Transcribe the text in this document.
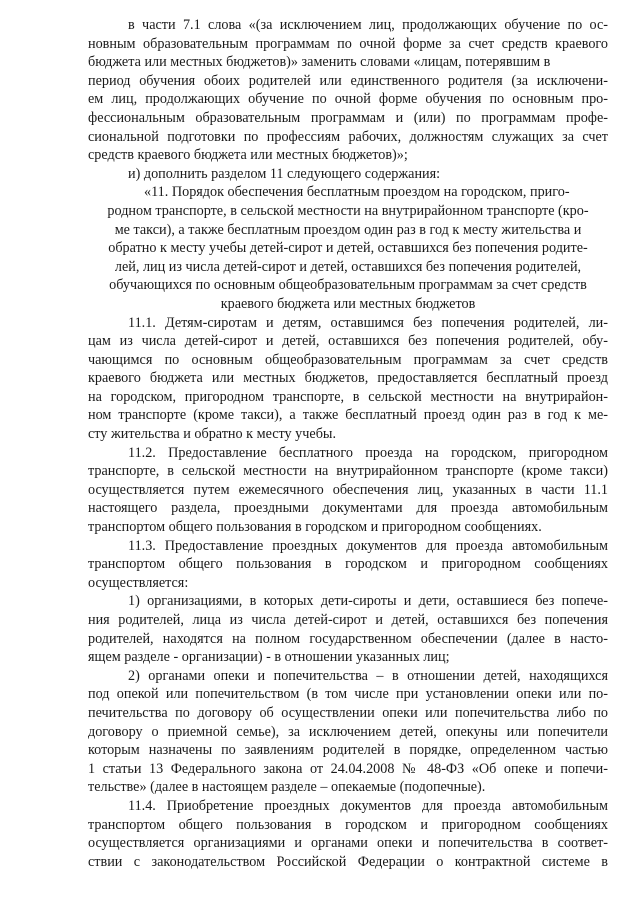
в части 7.1 слова «(за исключением лиц, продолжающих обучение по ос-
новным образовательным программам по очной форме за счет средств краевого
бюджета или местных бюджетов)» заменить словами «лицам, потерявшим в
период обучения обоих родителей или единственного родителя (за исключени-
ем лиц, продолжающих обучение по очной форме обучения по основным про-
фессиональным образовательным программам и (или) по программам профе-
сиональной подготовки по профессиям рабочих, должностям служащих за счет
средств краевого бюджета или местных бюджетов)»;
и) дополнить разделом 11 следующего содержания:
«11. Порядок обеспечения бесплатным проездом на городском, приго-
родном транспорте, в сельской местности на внутрирайонном транспорте (кро-
ме такси), а также бесплатным проездом один раз в год к месту жительства и
обратно к месту учебы детей-сирот и детей, оставшихся без попечения родите-
лей, лиц из числа детей-сирот и детей, оставшихся без попечения родителей,
обучающихся по основным общеобразовательным программам за счет средств
краевого бюджета или местных бюджетов
11.1. Детям-сиротам и детям, оставшимся без попечения родителей, ли-
цам из числа детей-сирот и детей, оставшихся без попечения родителей, обу-
чающимся по основным общеобразовательным программам за счет средств
краевого бюджета или местных бюджетов, предоставляется бесплатный проезд
на городском, пригородном транспорте, в сельской местности на внутрирайон-
ном транспорте (кроме такси), а также бесплатный проезд один раз в год к ме-
сту жительства и обратно к месту учебы.
11.2. Предоставление бесплатного проезда на городском, пригородном
транспорте, в сельской местности на внутрирайонном транспорте (кроме такси)
осуществляется путем ежемесячного обеспечения лиц, указанных в части 11.1
настоящего раздела, проездными документами для проезда автомобильным
транспортом общего пользования в городском и пригородном сообщениях.
11.3. Предоставление проездных документов для проезда автомобильным
транспортом общего пользования в городском и пригородном сообщениях
осуществляется:
1) организациями, в которых дети-сироты и дети, оставшиеся без попече-
ния родителей, лица из числа детей-сирот и детей, оставшихся без попечения
родителей, находятся на полном государственном обеспечении (далее в насто-
ящем разделе - организации) - в отношении указанных лиц;
2) органами опеки и попечительства – в отношении детей, находящихся
под опекой или попечительством (в том числе при установлении опеки или по-
печительства по договору об осуществлении опеки или попечительства либо по
договору о приемной семье), за исключением детей, опекуны или попечители
которым назначены по заявлениям родителей в порядке, определенном частью
1 статьи 13 Федерального закона от 24.04.2008 № 48-ФЗ «Об опеке и попечи-
тельстве» (далее в настоящем разделе – опекаемые (подопечные).
11.4. Приобретение проездных документов для проезда автомобильным
транспортом общего пользования в городском и пригородном сообщениях
осуществляется организациями и органами опеки и попечительства в соответ-
ствии с законодательством Российской Федерации о контрактной системе в
